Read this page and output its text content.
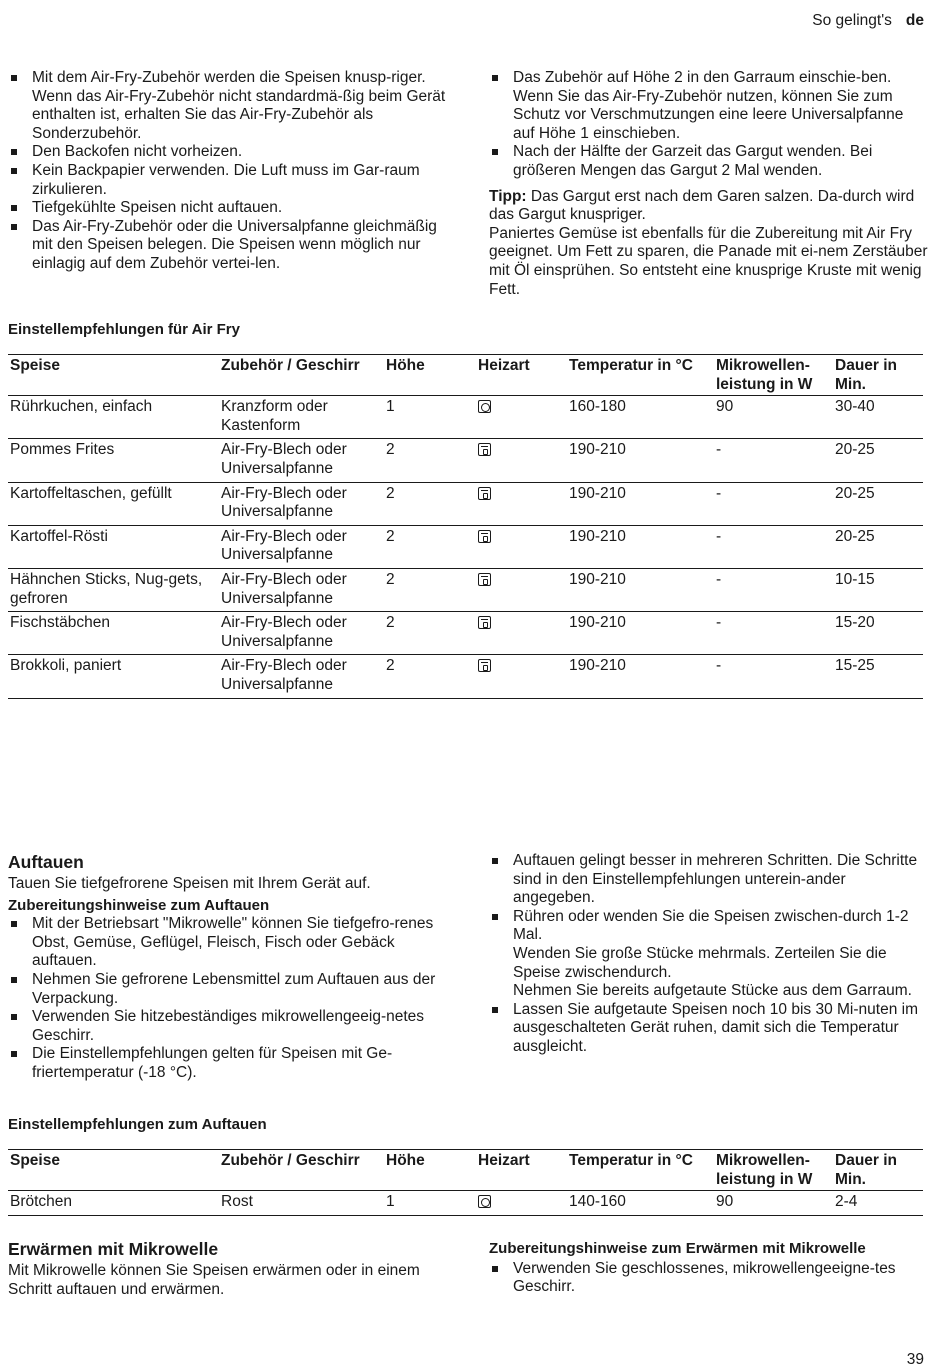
So gelingt's de
Mit dem Air-Fry-Zubehör werden die Speisen knusp-riger. Wenn das Air-Fry-Zubehör nicht standardmä-ßig beim Gerät enthalten ist, erhalten Sie das Air-Fry-Zubehör als Sonderzubehör.
Den Backofen nicht vorheizen.
Kein Backpapier verwenden. Die Luft muss im Gar-raum zirkulieren.
Tiefgekühlte Speisen nicht auftauen.
Das Air-Fry-Zubehör oder die Universalpfanne gleichmäßig mit den Speisen belegen. Die Speisen wenn möglich nur einlagig auf dem Zubehör vertei-len.
Das Zubehör auf Höhe 2 in den Garraum einschie-ben. Wenn Sie das Air-Fry-Zubehör nutzen, können Sie zum Schutz vor Verschmutzungen eine leere Universalpfanne auf Höhe 1 einschieben.
Nach der Hälfte der Garzeit das Gargut wenden. Bei größeren Mengen das Gargut 2 Mal wenden.

Tipp: Das Gargut erst nach dem Garen salzen. Da-durch wird das Gargut knuspriger.

Paniertes Gemüse ist ebenfalls für die Zubereitung mit Air Fry geeignet. Um Fett zu sparen, die Panade mit ei-nem Zerstäuber mit Öl einsprühen. So entsteht eine knusprige Kruste mit wenig Fett.

Einstellempfehlungen für Air Fry
Speise	Zubehör / Geschirr	Höhe	Heizart	Temperatur in °C	Mikrowellen-leistung in W	Dauer in Min.
Rührkuchen, einfach	Kranzform oder Kastenform	1		160-180	90	30-40
Pommes Frites	Air-Fry-Blech oder Universalpfanne	2		190-210	-	20-25
Kartoffeltaschen, gefüllt	Air-Fry-Blech oder Universalpfanne	2		190-210	-	20-25
Kartoffel-Rösti	Air-Fry-Blech oder Universalpfanne	2		190-210	-	20-25
Hähnchen Sticks, Nug-gets, gefroren	Air-Fry-Blech oder Universalpfanne	2		190-210	-	10-15
Fischstäbchen	Air-Fry-Blech oder Universalpfanne	2		190-210	-	15-20
Brokkoli, paniert	Air-Fry-Blech oder Universalpfanne	2		190-210	-	15-25
Auftauen

Tauen Sie tiefgefrorene Speisen mit Ihrem Gerät auf.

Zubereitungshinweise zum Auftauen
Mit der Betriebsart "Mikrowelle" können Sie tiefgefro-renes Obst, Gemüse, Geflügel, Fleisch, Fisch oder Gebäck auftauen.
Nehmen Sie gefrorene Lebensmittel zum Auftauen aus der Verpackung.
Verwenden Sie hitzebeständiges mikrowellengeeig-netes Geschirr.
Die Einstellempfehlungen gelten für Speisen mit Ge-friertemperatur (-18 °C).
Auftauen gelingt besser in mehreren Schritten. Die Schritte sind in den Einstellempfehlungen unterein-ander angegeben.
Rühren oder wenden Sie die Speisen zwischen-durch 1-2 Mal.
Wenden Sie große Stücke mehrmals. Zerteilen Sie die Speise zwischendurch.
Nehmen Sie bereits aufgetaute Stücke aus dem Garraum.
Lassen Sie aufgetaute Speisen noch 10 bis 30 Mi-nuten im ausgeschalteten Gerät ruhen, damit sich die Temperatur ausgleicht.
Einstellempfehlungen zum Auftauen
Speise	Zubehör / Geschirr	Höhe	Heizart	Temperatur in °C	Mikrowellen-leistung in W	Dauer in Min.
Brötchen	Rost	1		140-160	90	2-4
Erwärmen mit Mikrowelle

Mit Mikrowelle können Sie Speisen erwärmen oder in einem Schritt auftauen und erwärmen.

Zubereitungshinweise zum Erwärmen mit Mikrowelle
Verwenden Sie geschlossenes, mikrowellengeeigne-tes Geschirr.
39
